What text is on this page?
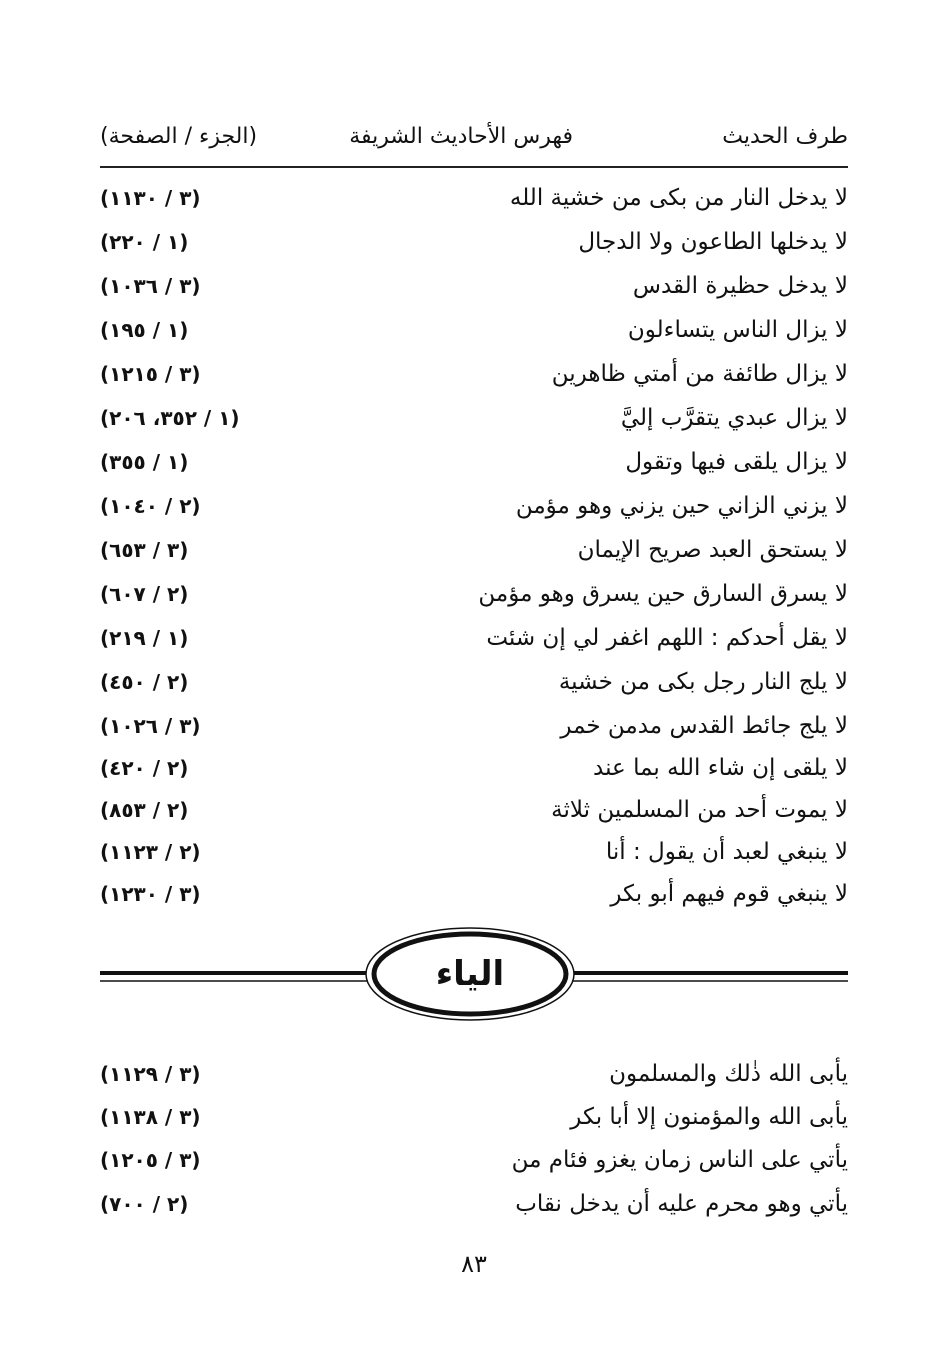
طرف الحديث
فهرس الأحاديث الشريفة
(الجزء / الصفحة)
لا يدخل النار من بكى من خشية الله
(٣ / ١١٣٠)
لا يدخلها الطاعون ولا الدجال
(١ / ٢٢٠)
لا يدخل حظيرة القدس
(٣ / ١٠٣٦)
لا يزال الناس يتساءلون
(١ / ١٩٥)
لا يزال طائفة من أمتي ظاهرين
(٣ / ١٢١٥)
لا يزال عبدي يتقرَّب إليَّ
(١ / ٣٥٢، ٢٠٦)
لا يزال يلقى فيها وتقول
(١ / ٣٥٥)
لا يزني الزاني حين يزني وهو مؤمن
(٢ / ١٠٤٠)
لا يستحق العبد صريح الإيمان
(٣ / ٦٥٣)
لا يسرق السارق حين يسرق وهو مؤمن
(٢ / ٦٠٧)
لا يقل أحدكم : اللهم اغفر لي إن شئت
(١ / ٢١٩)
لا يلج النار رجل بكى من خشية
(٢ / ٤٥٠)
لا يلج جائط القدس مدمن خمر
(٣ / ١٠٢٦)
لا يلقى إن شاء الله بما عند
(٢ / ٤٢٠)
لا يموت أحد من المسلمين ثلاثة
(٢ / ٨٥٣)
لا ينبغي لعبد أن يقول : أنا
(٢ / ١١٢٣)
لا ينبغي قوم فيهم أبو بكر
(٣ / ١٢٣٠)
الياء
يأبى الله ذٰلك والمسلمون
(٣ / ١١٢٩)
يأبى الله والمؤمنون إلا أبا بكر
(٣ / ١١٣٨)
يأتي على الناس زمان يغزو فئام من
(٣ / ١٢٠٥)
يأتي وهو محرم عليه أن يدخل نقاب
(٢ / ٧٠٠)
٨٣
